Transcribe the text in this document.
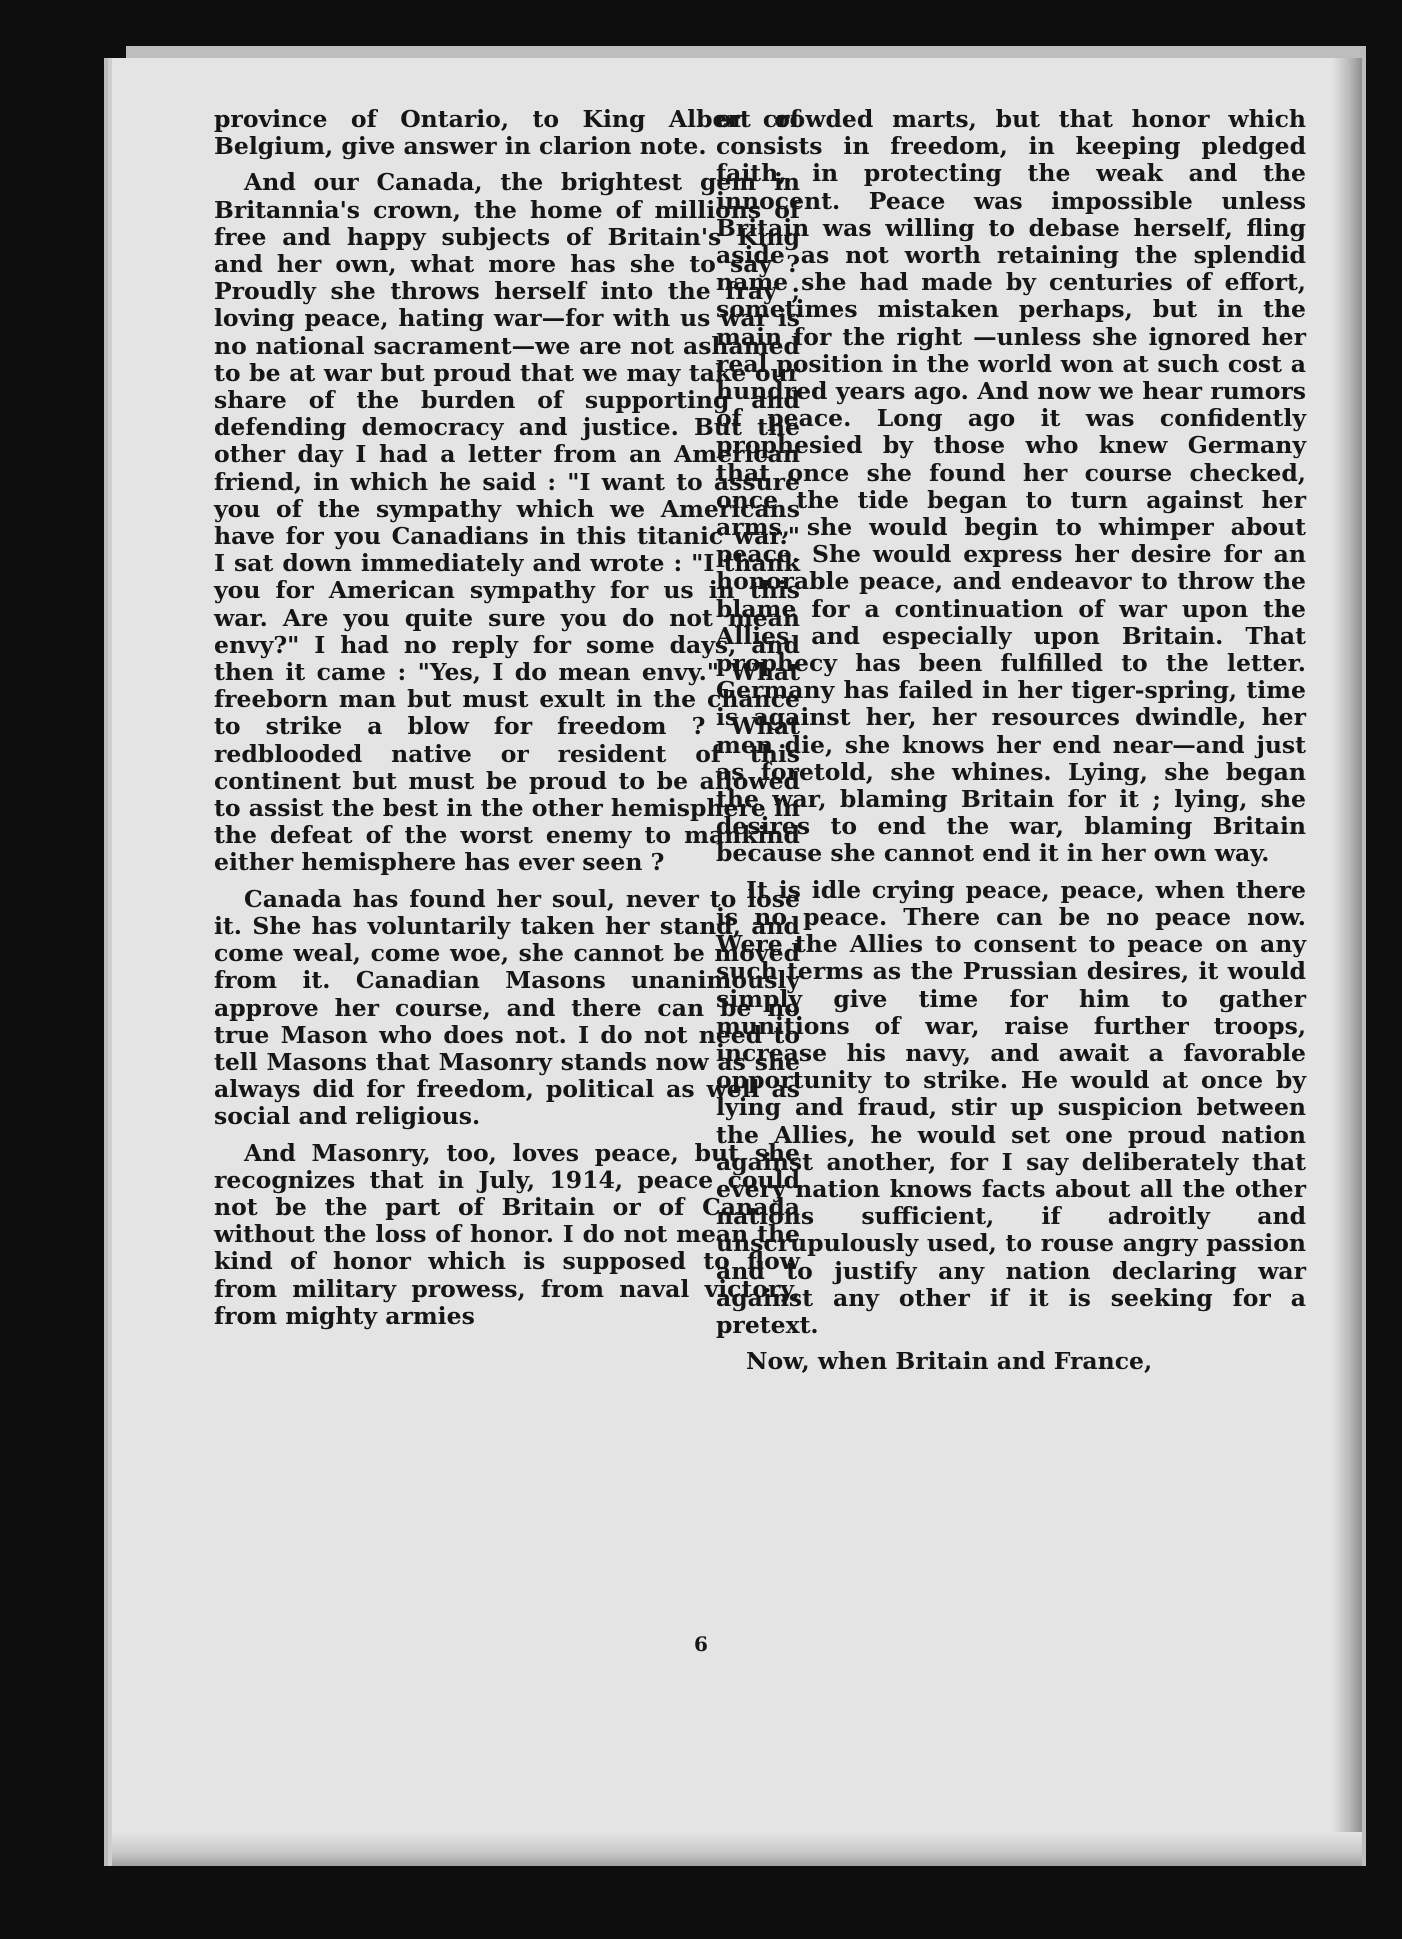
province of Ontario, to King Albert of Belgium, give answer in clarion note.

And our Canada, the brightest gem in Britannia's crown, the home of millions of free and happy subjects of Britain's King and her own, what more has she to say ? Proudly she throws herself into the fray ; loving peace, hating war—for with us war is no national sacrament—we are not ashamed to be at war but proud that we may take our share of the burden of supporting and defending democracy and justice. But the other day I had a letter from an American friend, in which he said : "I want to assure you of the sympathy which we Americans have for you Canadians in this titanic war." I sat down immediately and wrote : "I thank you for American sympathy for us in this war. Are you quite sure you do not mean envy?" I had no reply for some days, and then it came : "Yes, I do mean envy." What freeborn man but must exult in the chance to strike a blow for freedom ? What redblooded native or resident of this continent but must be proud to be allowed to assist the best in the other hemisphere in the defeat of the worst enemy to mankind either hemisphere has ever seen ?

Canada has found her soul, never to lose it. She has voluntarily taken her stand, and come weal, come woe, she cannot be moved from it. Canadian Masons unanimously approve her course, and there can be no true Mason who does not. I do not need to tell Masons that Masonry stands now as she always did for freedom, political as well as social and religious.

And Masonry, too, loves peace, but she recognizes that in July, 1914, peace could not be the part of Britain or of Canada without the loss of honor. I do not mean the kind of honor which is supposed to flow from military prowess, from naval victory, from mighty armies

or crowded marts, but that honor which consists in freedom, in keeping pledged faith, in protecting the weak and the innocent. Peace was impossible unless Britain was willing to debase herself, fling aside as not worth retaining the splendid name she had made by centuries of effort, sometimes mistaken perhaps, but in the main for the right —unless she ignored her real position in the world won at such cost a hundred years ago. And now we hear rumors of peace. Long ago it was confidently prophesied by those who knew Germany that once she found her course checked, once the tide began to turn against her arms, she would begin to whimper about peace. She would express her desire for an honorable peace, and endeavor to throw the blame for a continuation of war upon the Allies and especially upon Britain. That prophecy has been fulfilled to the letter. Germany has failed in her tiger-spring, time is against her, her resources dwindle, her men die, she knows her end near—and just as foretold, she whines. Lying, she began the war, blaming Britain for it ; lying, she desires to end the war, blaming Britain because she cannot end it in her own way.

It is idle crying peace, peace, when there is no peace. There can be no peace now. Were the Allies to consent to peace on any such terms as the Prussian desires, it would simply give time for him to gather munitions of war, raise further troops, increase his navy, and await a favorable opportunity to strike. He would at once by lying and fraud, stir up suspicion between the Allies, he would set one proud nation against another, for I say deliberately that every nation knows facts about all the other nations sufficient, if adroitly and unscrupulously used, to rouse angry passion and to justify any nation declaring war against any other if it is seeking for a pretext.

Now, when Britain and France,

6
